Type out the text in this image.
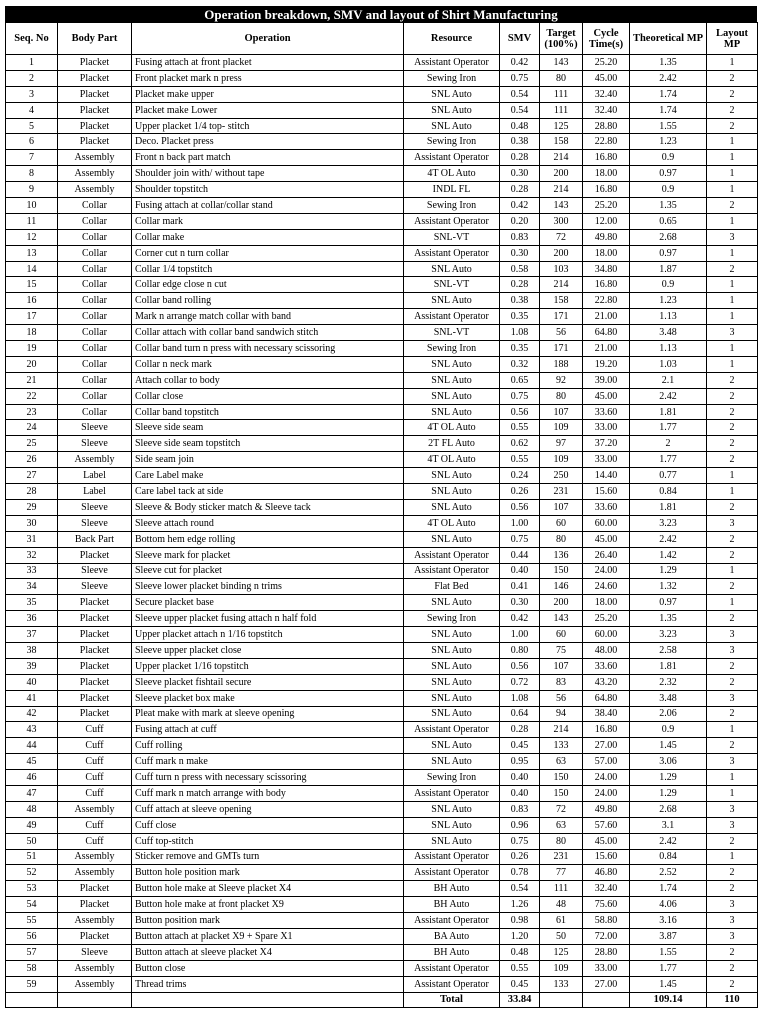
Operation breakdown, SMV and layout of Shirt Manufacturing
Seq. No	Body Part	Operation	Resource	SMV	Target (100%)	Cycle Time(s)	Theoretical MP	Layout MP
1	Placket	Fusing attach at front placket	Assistant Operator	0.42	143	25.20	1.35	1
2	Placket	Front placket mark n press	Sewing Iron	0.75	80	45.00	2.42	2
3	Placket	Placket make upper	SNL Auto	0.54	111	32.40	1.74	2
4	Placket	Placket make Lower	SNL Auto	0.54	111	32.40	1.74	2
5	Placket	Upper placket 1/4 top- stitch	SNL Auto	0.48	125	28.80	1.55	2
6	Placket	Deco. Placket press	Sewing Iron	0.38	158	22.80	1.23	1
7	Assembly	Front n back part match	Assistant Operator	0.28	214	16.80	0.9	1
8	Assembly	Shoulder join with/ without tape	4T OL Auto	0.30	200	18.00	0.97	1
9	Assembly	Shoulder topstitch	INDL FL	0.28	214	16.80	0.9	1
10	Collar	Fusing attach at collar/collar stand	Sewing Iron	0.42	143	25.20	1.35	2
11	Collar	Collar mark	Assistant Operator	0.20	300	12.00	0.65	1
12	Collar	Collar make	SNL-VT	0.83	72	49.80	2.68	3
13	Collar	Corner cut n turn collar	Assistant Operator	0.30	200	18.00	0.97	1
14	Collar	Collar 1/4 topstitch	SNL Auto	0.58	103	34.80	1.87	2
15	Collar	Collar edge close n cut	SNL-VT	0.28	214	16.80	0.9	1
16	Collar	Collar band rolling	SNL Auto	0.38	158	22.80	1.23	1
17	Collar	Mark n arrange match collar with band	Assistant Operator	0.35	171	21.00	1.13	1
18	Collar	Collar attach with collar band sandwich stitch	SNL-VT	1.08	56	64.80	3.48	3
19	Collar	Collar band turn n press with necessary scissoring	Sewing Iron	0.35	171	21.00	1.13	1
20	Collar	Collar n neck mark	SNL Auto	0.32	188	19.20	1.03	1
21	Collar	Attach collar to body	SNL Auto	0.65	92	39.00	2.1	2
22	Collar	Collar close	SNL Auto	0.75	80	45.00	2.42	2
23	Collar	Collar band topstitch	SNL Auto	0.56	107	33.60	1.81	2
24	Sleeve	Sleeve side seam	4T OL Auto	0.55	109	33.00	1.77	2
25	Sleeve	Sleeve side seam topstitch	2T FL Auto	0.62	97	37.20	2	2
26	Assembly	Side seam join	4T OL Auto	0.55	109	33.00	1.77	2
27	Label	Care Label make	SNL Auto	0.24	250	14.40	0.77	1
28	Label	Care label tack at side	SNL Auto	0.26	231	15.60	0.84	1
29	Sleeve	Sleeve & Body sticker match & Sleeve tack	SNL Auto	0.56	107	33.60	1.81	2
30	Sleeve	Sleeve attach round	4T OL Auto	1.00	60	60.00	3.23	3
31	Back Part	Bottom hem edge rolling	SNL Auto	0.75	80	45.00	2.42	2
32	Placket	Sleeve mark for placket	Assistant Operator	0.44	136	26.40	1.42	2
33	Sleeve	Sleeve cut for placket	Assistant Operator	0.40	150	24.00	1.29	1
34	Sleeve	Sleeve lower placket binding n trims	Flat Bed	0.41	146	24.60	1.32	2
35	Placket	Secure placket base	SNL Auto	0.30	200	18.00	0.97	1
36	Placket	Sleeve upper placket fusing attach n half fold	Sewing Iron	0.42	143	25.20	1.35	2
37	Placket	Upper placket attach n 1/16 topstitch	SNL Auto	1.00	60	60.00	3.23	3
38	Placket	Sleeve upper placket close	SNL Auto	0.80	75	48.00	2.58	3
39	Placket	Upper placket 1/16 topstitch	SNL Auto	0.56	107	33.60	1.81	2
40	Placket	Sleeve placket fishtail secure	SNL Auto	0.72	83	43.20	2.32	2
41	Placket	Sleeve placket box make	SNL Auto	1.08	56	64.80	3.48	3
42	Placket	Pleat make with mark at sleeve opening	SNL Auto	0.64	94	38.40	2.06	2
43	Cuff	Fusing attach at cuff	Assistant Operator	0.28	214	16.80	0.9	1
44	Cuff	Cuff rolling	SNL Auto	0.45	133	27.00	1.45	2
45	Cuff	Cuff mark n make	SNL Auto	0.95	63	57.00	3.06	3
46	Cuff	Cuff turn n press with necessary scissoring	Sewing Iron	0.40	150	24.00	1.29	1
47	Cuff	Cuff mark n match arrange with body	Assistant Operator	0.40	150	24.00	1.29	1
48	Assembly	Cuff attach at sleeve opening	SNL Auto	0.83	72	49.80	2.68	3
49	Cuff	Cuff close	SNL Auto	0.96	63	57.60	3.1	3
50	Cuff	Cuff top-stitch	SNL Auto	0.75	80	45.00	2.42	2
51	Assembly	Sticker remove and GMTs turn	Assistant Operator	0.26	231	15.60	0.84	1
52	Assembly	Button hole position mark	Assistant Operator	0.78	77	46.80	2.52	2
53	Placket	Button hole make at Sleeve placket X4	BH Auto	0.54	111	32.40	1.74	2
54	Placket	Button hole make at front placket X9	BH Auto	1.26	48	75.60	4.06	3
55	Assembly	Button position mark	Assistant Operator	0.98	61	58.80	3.16	3
56	Placket	Button attach at placket X9 + Spare X1	BA Auto	1.20	50	72.00	3.87	3
57	Sleeve	Button attach at sleeve placket X4	BH Auto	0.48	125	28.80	1.55	2
58	Assembly	Button close	Assistant Operator	0.55	109	33.00	1.77	2
59	Assembly	Thread trims	Assistant Operator	0.45	133	27.00	1.45	2
			Total	33.84			109.14	110
